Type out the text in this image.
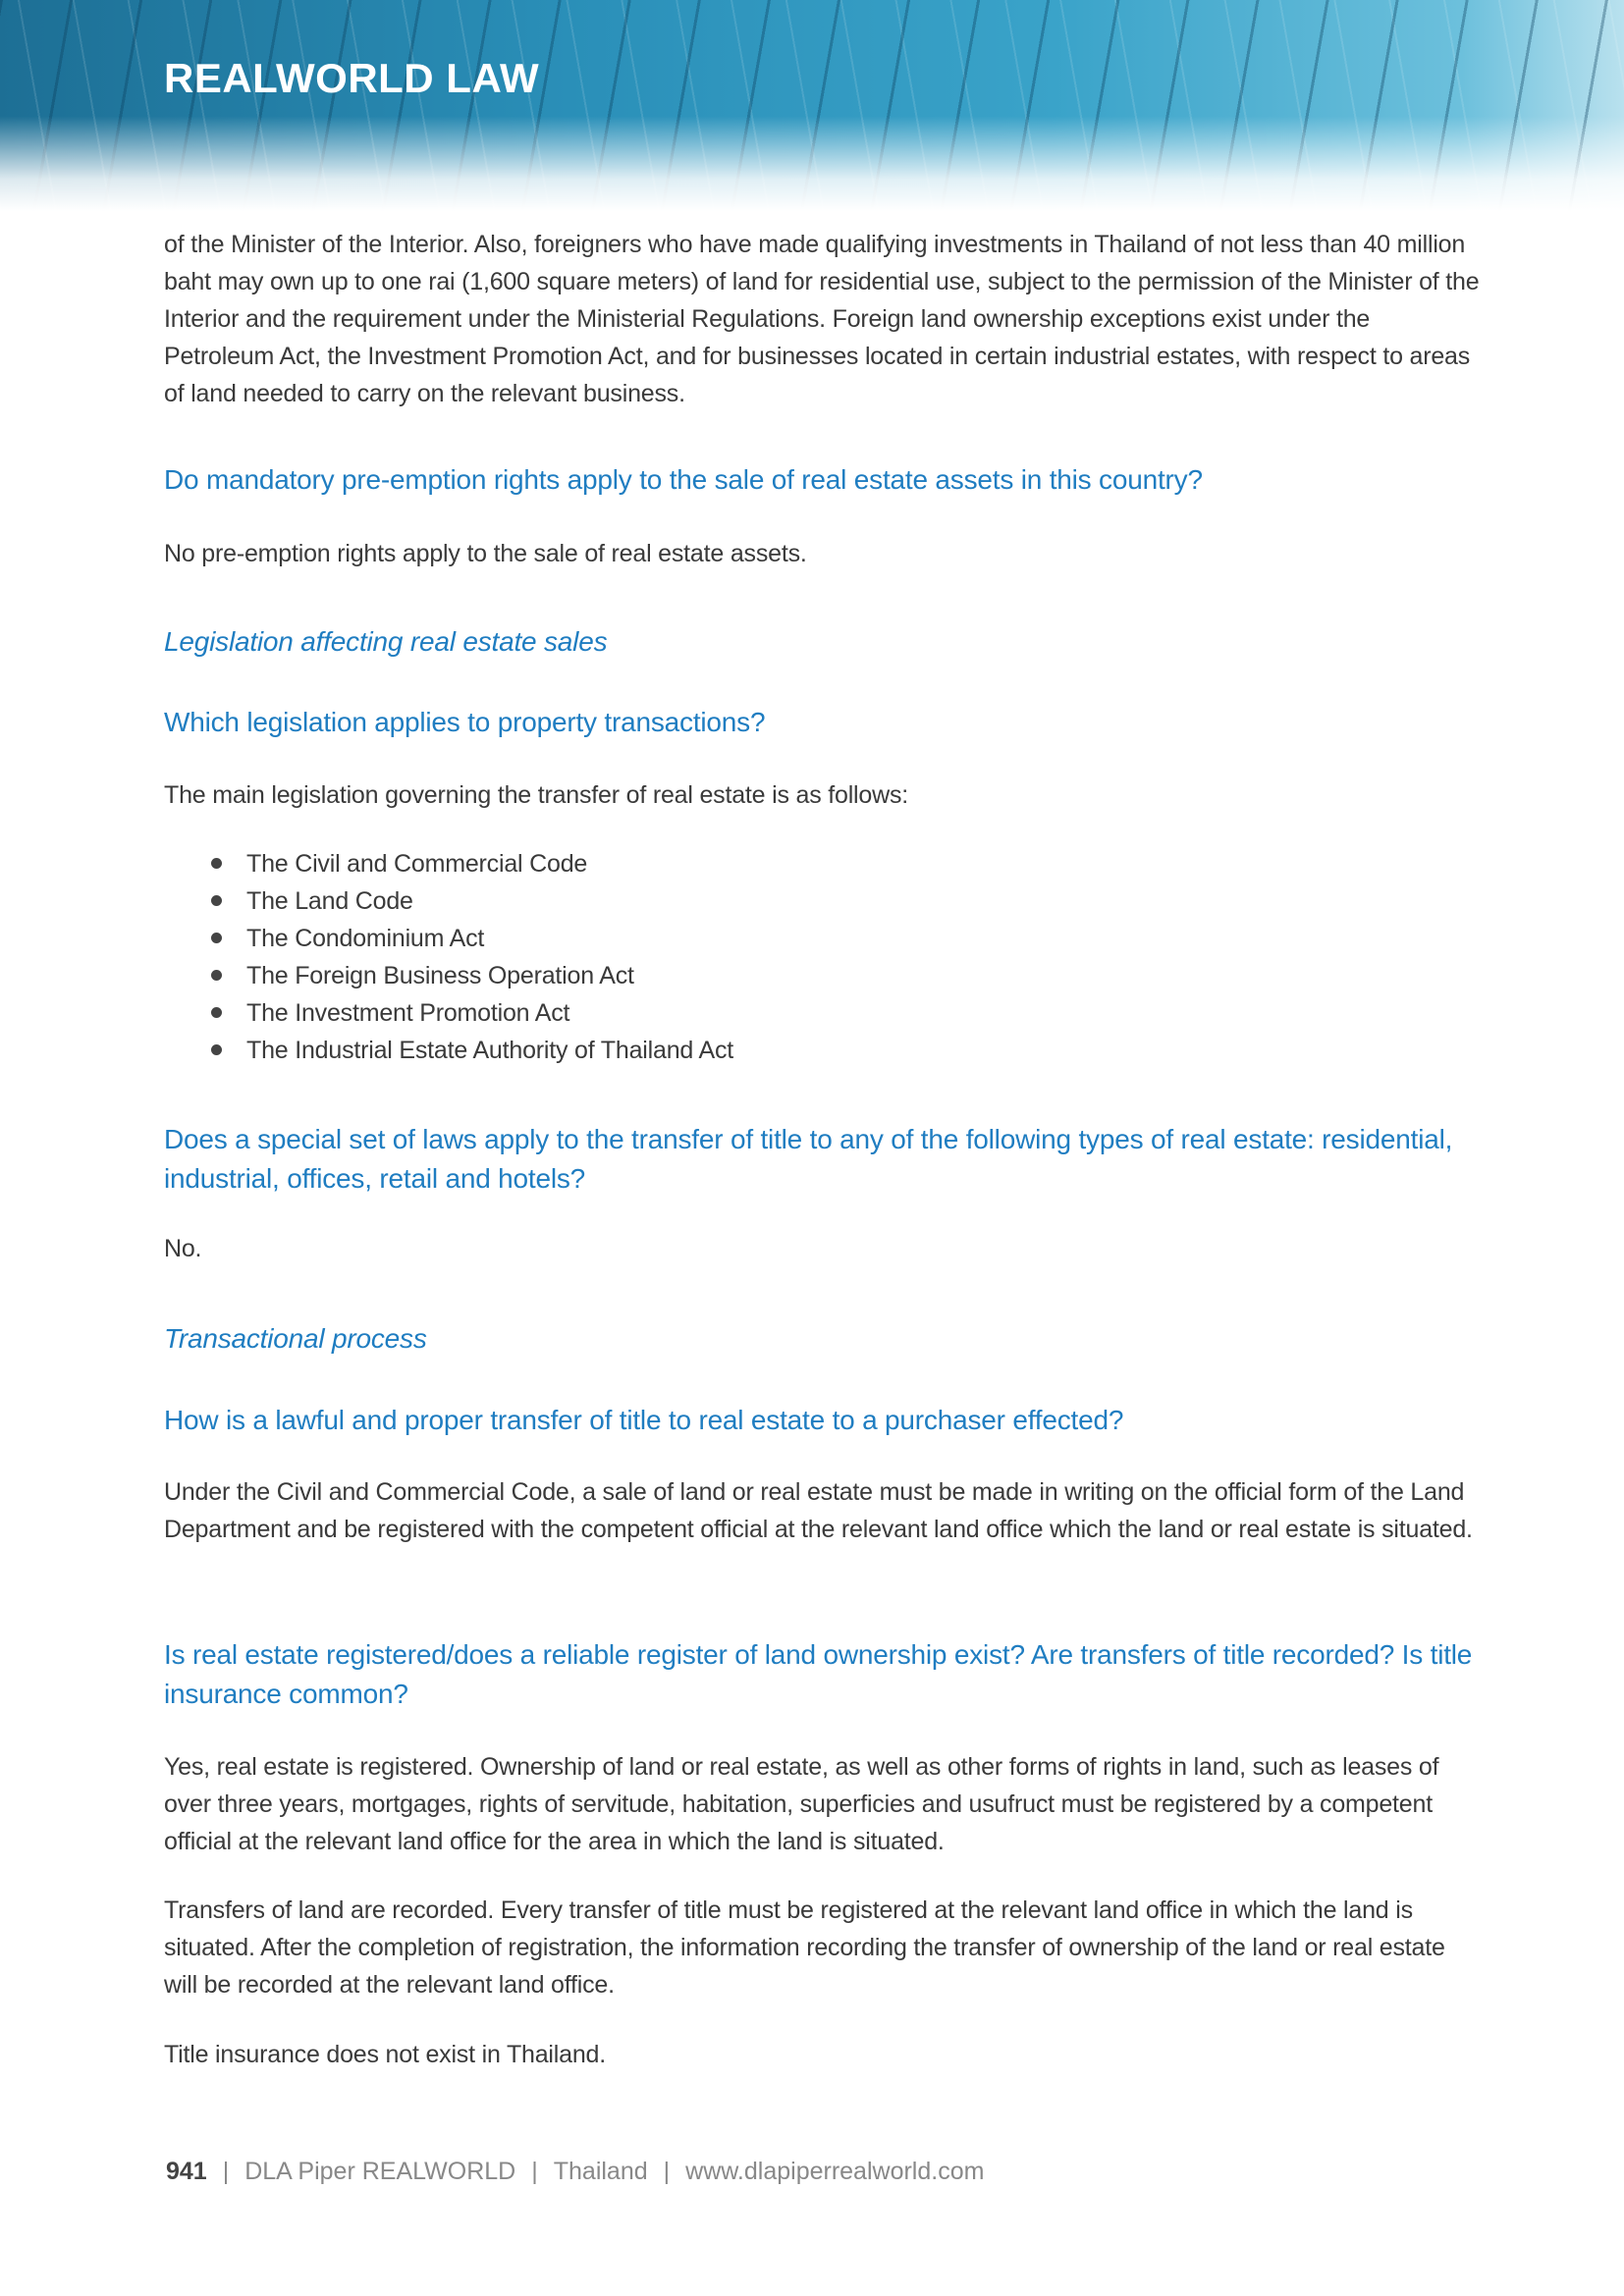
REALWORLD LAW
of the Minister of the Interior. Also, foreigners who have made qualifying investments in Thailand of not less than 40 million baht may own up to one rai (1,600 square meters) of land for residential use, subject to the permission of the Minister of the Interior and the requirement under the Ministerial Regulations. Foreign land ownership exceptions exist under the Petroleum Act, the Investment Promotion Act, and for businesses located in certain industrial estates, with respect to areas of land needed to carry on the relevant business.
Do mandatory pre-emption rights apply to the sale of real estate assets in this country?
No pre-emption rights apply to the sale of real estate assets.
Legislation affecting real estate sales
Which legislation applies to property transactions?
The main legislation governing the transfer of real estate is as follows:
The Civil and Commercial Code
The Land Code
The Condominium Act
The Foreign Business Operation Act
The Investment Promotion Act
The Industrial Estate Authority of Thailand Act
Does a special set of laws apply to the transfer of title to any of the following types of real estate: residential, industrial, offices, retail and hotels?
No.
Transactional process
How is a lawful and proper transfer of title to real estate to a purchaser effected?
Under the Civil and Commercial Code, a sale of land or real estate must be made in writing on the official form of the Land Department and be registered with the competent official at the relevant land office which the land or real estate is situated.
Is real estate registered/does a reliable register of land ownership exist? Are transfers of title recorded? Is title insurance common?
Yes, real estate is registered. Ownership of land or real estate, as well as other forms of rights in land, such as leases of over three years, mortgages, rights of servitude, habitation, superficies and usufruct must be registered by a competent official at the relevant land office for the area in which the land is situated.
Transfers of land are recorded. Every transfer of title must be registered at the relevant land office in which the land is situated. After the completion of registration, the information recording the transfer of ownership of the land or real estate will be recorded at the relevant land office.
Title insurance does not exist in Thailand.
941 | DLA Piper REALWORLD | Thailand | www.dlapiperrealworld.com
